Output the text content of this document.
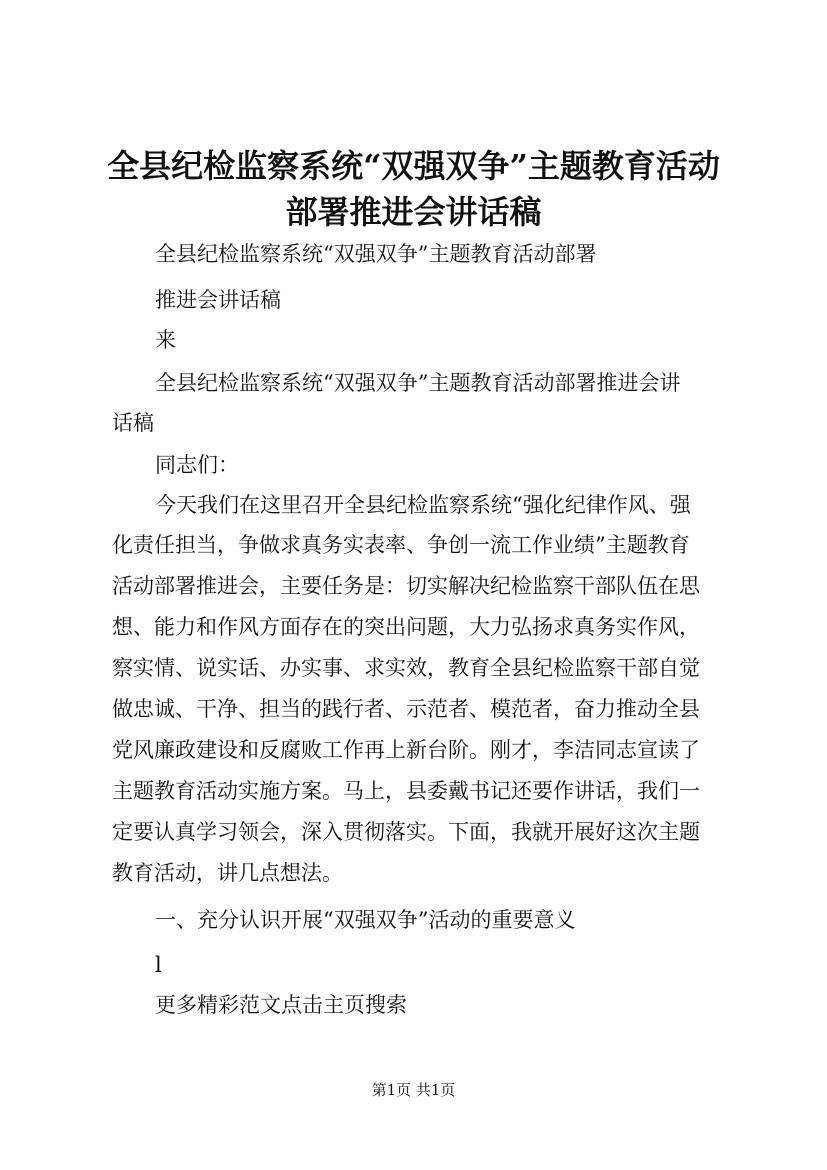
全县纪检监察系统“双强双争”主题教育活动
部署推进会讲话稿
全县纪检监察系统“双强双争”主题教育活动部署
推进会讲话稿
来
全县纪检监察系统“双强双争”主题教育活动部署推进会讲
话稿
同志们：
今天我们在这里召开全县纪检监察系统“强化纪律作风、强
化责任担当，争做求真务实表率、争创一流工作业绩”主题教育
活动部署推进会，主要任务是：切实解决纪检监察干部队伍在思
想、能力和作风方面存在的突出问题，大力弘扬求真务实作风，
察实情、说实话、办实事、求实效，教育全县纪检监察干部自觉
做忠诚、干净、担当的践行者、示范者、模范者，奋力推动全县
党风廉政建设和反腐败工作再上新台阶。刚才，李洁同志宣读了
主题教育活动实施方案。马上，县委戴书记还要作讲话，我们一
定要认真学习领会，深入贯彻落实。下面，我就开展好这次主题
教育活动，讲几点想法。
一、充分认识开展“双强双争”活动的重要意义
l
更多精彩范文点击主页搜索
第1页 共1页
